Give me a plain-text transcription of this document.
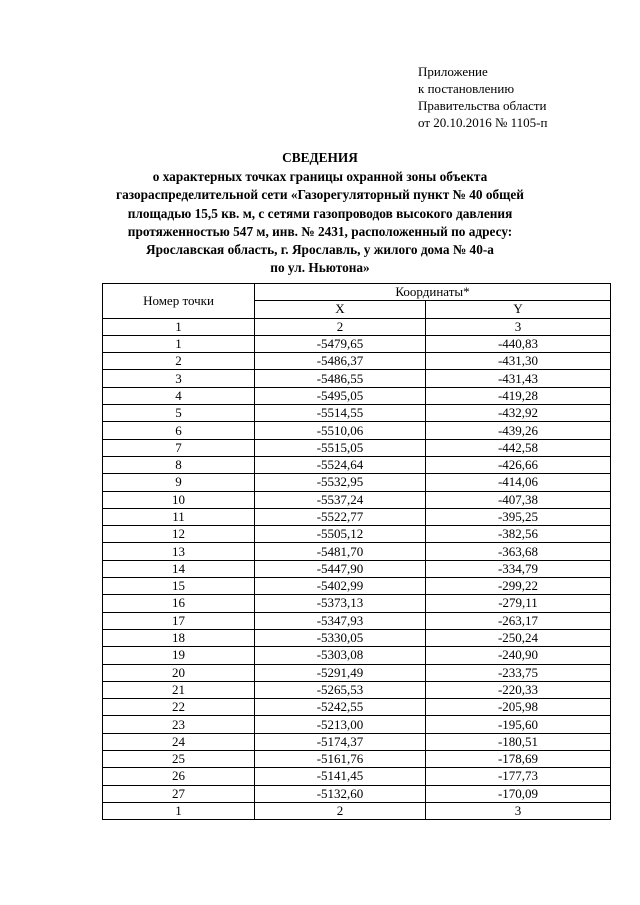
Приложение
к постановлению
Правительства области
от 20.10.2016 № 1105-п
СВЕДЕНИЯ
о характерных точках границы охранной зоны объекта
газораспределительной сети «Газорегуляторный пункт № 40 общей
площадью 15,5 кв. м, с сетями газопроводов высокого давления
протяженностью 547 м, инв. № 2431, расположенный по адресу:
Ярославская область, г. Ярославль, у жилого дома № 40-а
по ул. Ньютона»
Номер точки	Координаты*	
	X	Y
1	2	3
1	-5479,65	-440,83
2	-5486,37	-431,30
3	-5486,55	-431,43
4	-5495,05	-419,28
5	-5514,55	-432,92
6	-5510,06	-439,26
7	-5515,05	-442,58
8	-5524,64	-426,66
9	-5532,95	-414,06
10	-5537,24	-407,38
11	-5522,77	-395,25
12	-5505,12	-382,56
13	-5481,70	-363,68
14	-5447,90	-334,79
15	-5402,99	-299,22
16	-5373,13	-279,11
17	-5347,93	-263,17
18	-5330,05	-250,24
19	-5303,08	-240,90
20	-5291,49	-233,75
21	-5265,53	-220,33
22	-5242,55	-205,98
23	-5213,00	-195,60
24	-5174,37	-180,51
25	-5161,76	-178,69
26	-5141,45	-177,73
27	-5132,60	-170,09
1	2	3
